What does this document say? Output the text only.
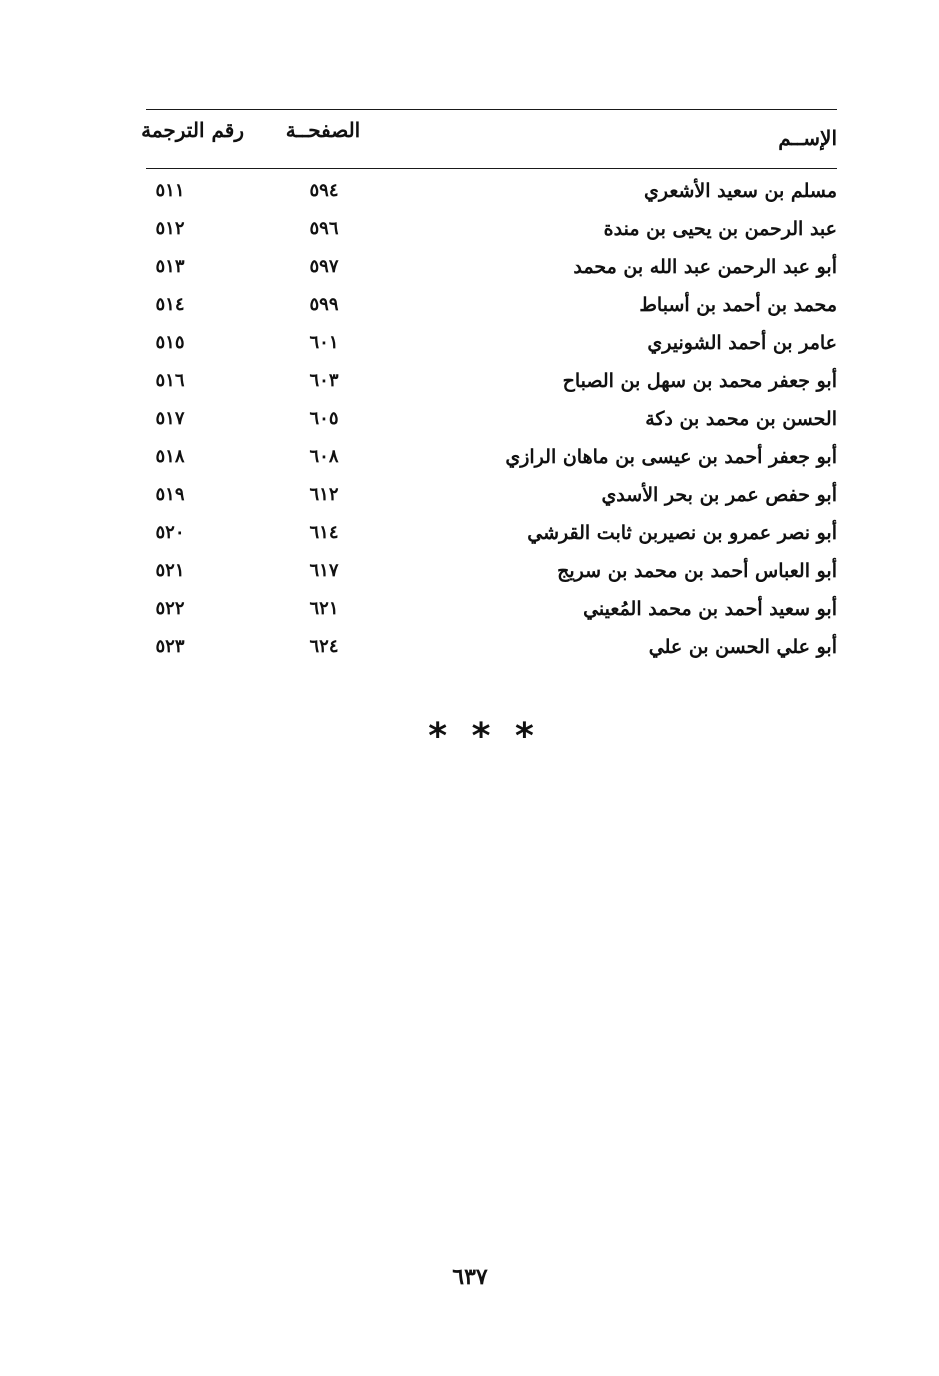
الإســم
الصفحــة
رقم الترجمة
مسلم بن سعيد الأشعري
٥٩٤
٥١١
عبد الرحمن بن يحيى بن مندة
٥٩٦
٥١٢
أبو عبد الرحمن عبد الله بن محمد
٥٩٧
٥١٣
محمد بن أحمد بن أسباط
٥٩٩
٥١٤
عامر بن أحمد الشونيري
٦٠١
٥١٥
أبو جعفر محمد بن سهل بن الصباح
٦٠٣
٥١٦
الحسن بن محمد بن دكة
٦٠٥
٥١٧
أبو جعفر أحمد بن عيسى بن ماهان الرازي
٦٠٨
٥١٨
أبو حفص عمر بن بحر الأسدي
٦١٢
٥١٩
أبو نصر عمرو بن نصيربن ثابت القرشي
٦١٤
٥٢٠
أبو العباس أحمد بن محمد بن سريج
٦١٧
٥٢١
أبو سعيد أحمد بن محمد المُعيني
٦٢١
٥٢٢
أبو علي الحسن بن علي
٦٢٤
٥٢٣
* * *
٦٣٧
